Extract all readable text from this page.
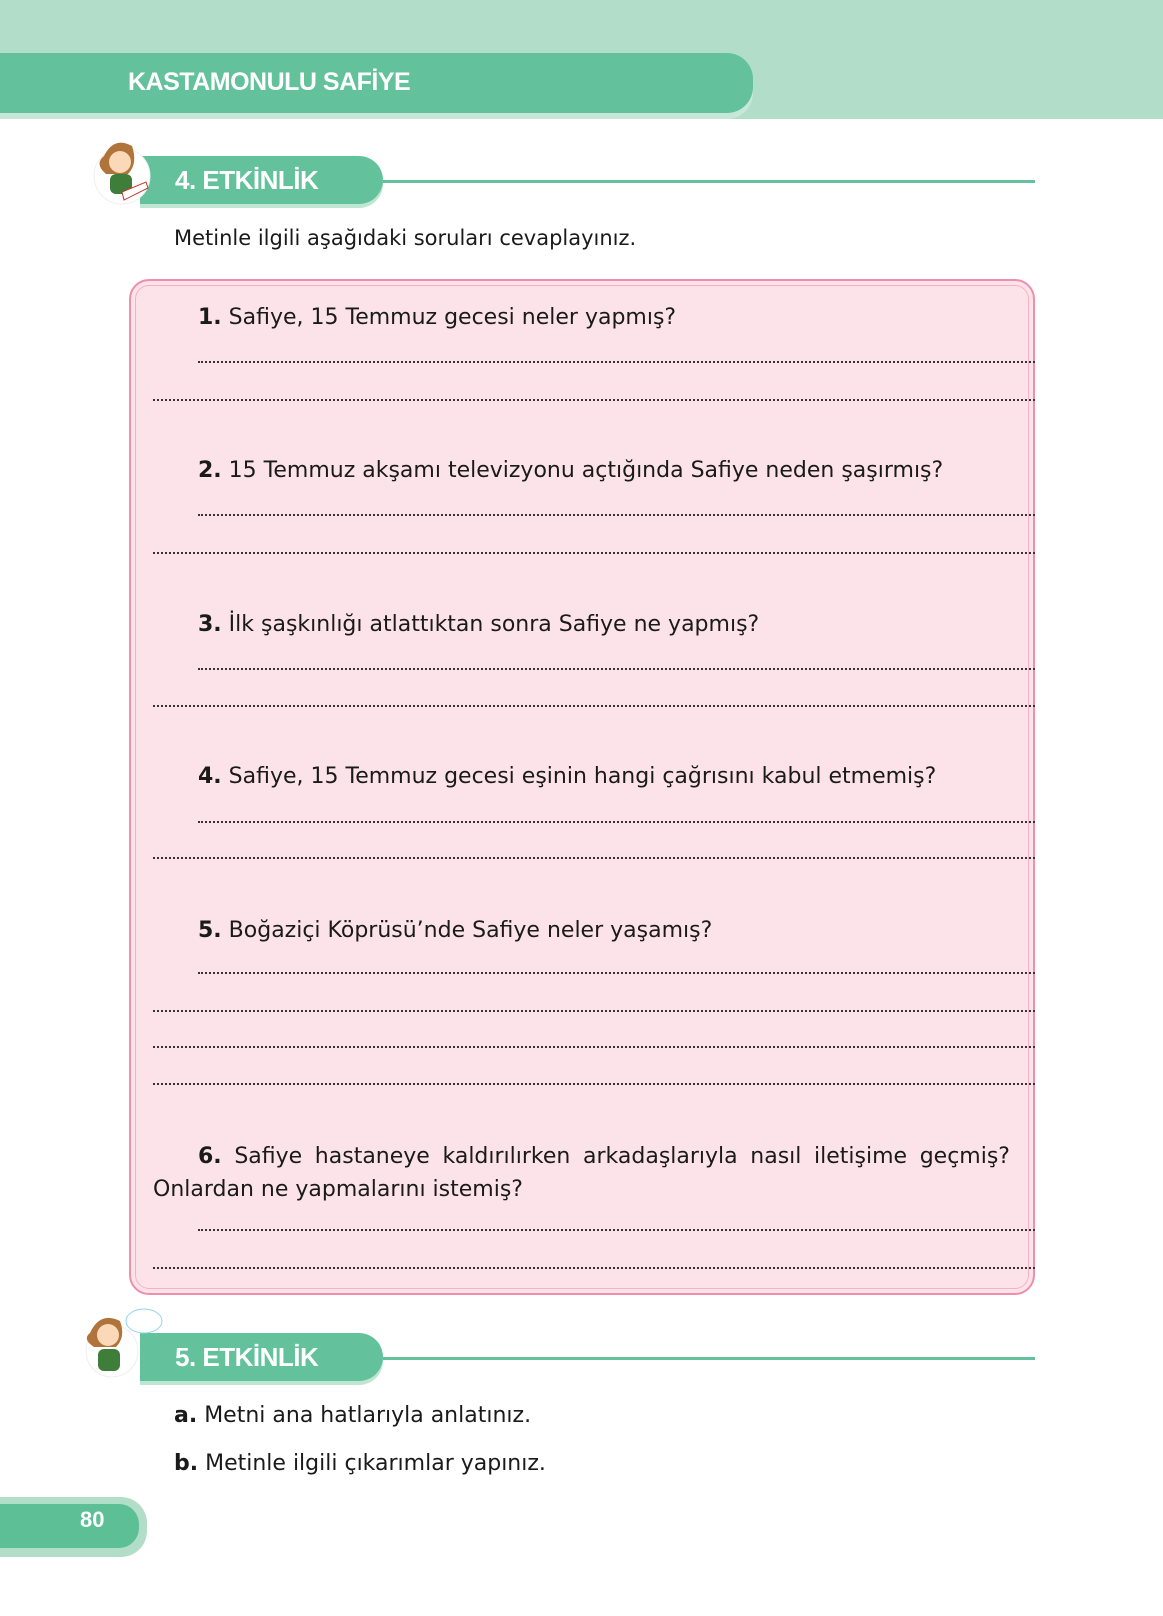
KASTAMONULU SAFİYE
4. ETKİNLİK
Metinle ilgili aşağıdaki soruları cevaplayınız.
1. Safiye, 15 Temmuz gecesi neler yapmış?
2. 15 Temmuz akşamı televizyonu açtığında Safiye neden şaşırmış?
3. İlk şaşkınlığı atlattıktan sonra Safiye ne yapmış?
4. Safiye, 15 Temmuz gecesi eşinin hangi çağrısını kabul etmemiş?
5. Boğaziçi Köprüsü’nde Safiye neler yaşamış?
6. Safiye hastaneye kaldırılırken arkadaşlarıyla nasıl iletişime geçmiş? Onlardan ne yapmalarını istemiş?
5. ETKİNLİK
a. Metni ana hatlarıyla anlatınız.
b. Metinle ilgili çıkarımlar yapınız.
80
